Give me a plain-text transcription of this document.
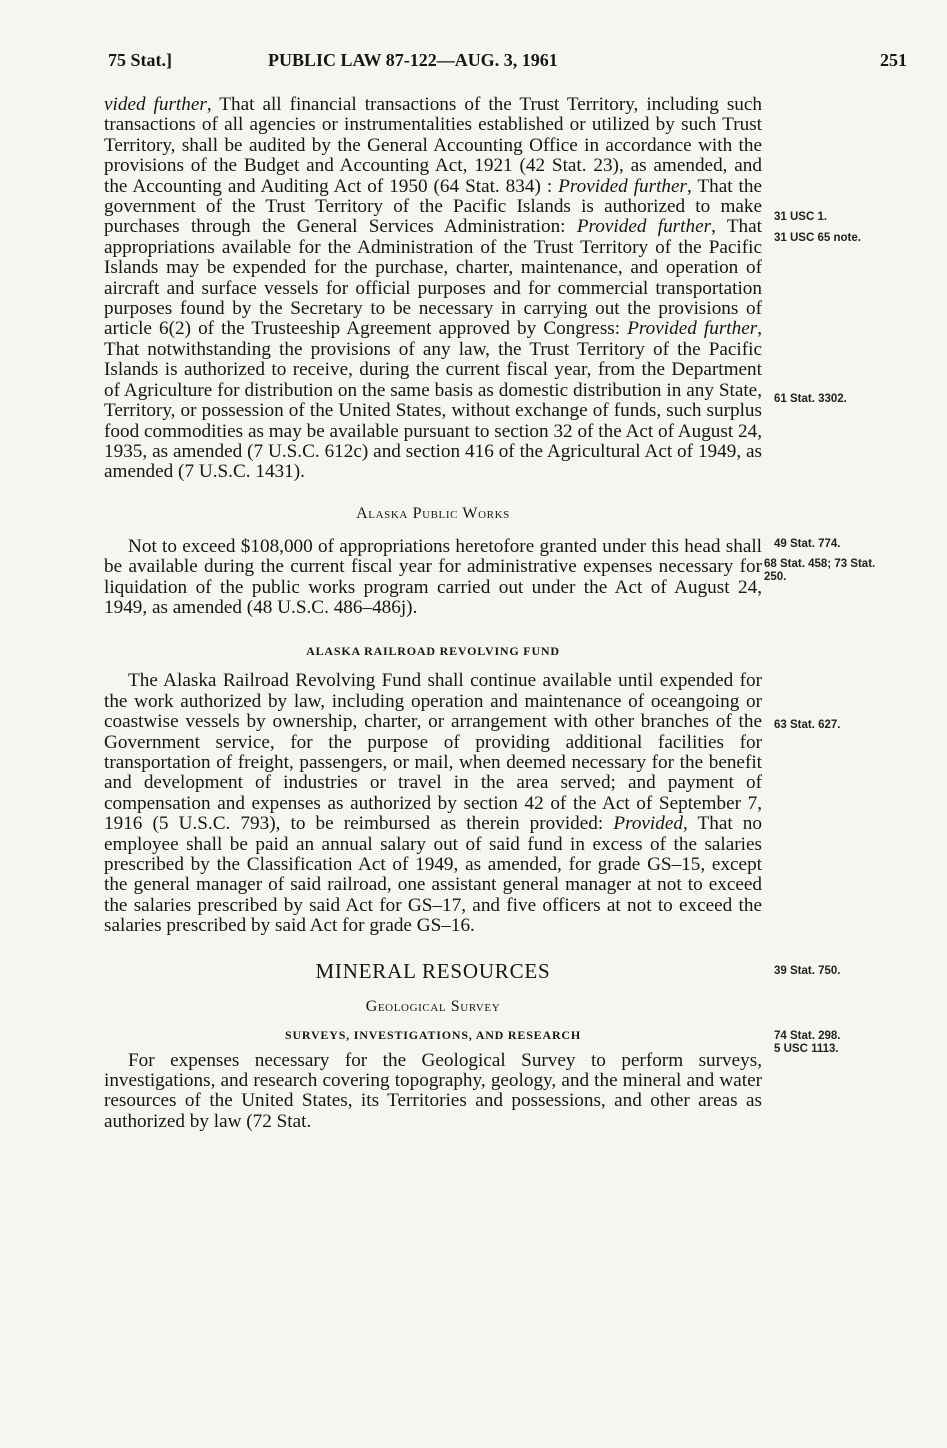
75 Stat.]	PUBLIC LAW 87-122—AUG. 3, 1961	251

vided further, That all financial transactions of the Trust Territory, including such transactions of all agencies or instrumentalities established or utilized by such Trust Territory, shall be audited by the General Accounting Office in accordance with the provisions of the Budget and Accounting Act, 1921 (42 Stat. 23), as amended, and the Accounting and Auditing Act of 1950 (64 Stat. 834) : Provided further, That the government of the Trust Territory of the Pacific Islands is authorized to make purchases through the General Services Administration: Provided further, That appropriations available for the Administration of the Trust Territory of the Pacific Islands may be expended for the purchase, charter, maintenance, and operation of aircraft and surface vessels for official purposes and for commercial transportation purposes found by the Secretary to be necessary in carrying out the provisions of article 6(2) of the Trusteeship Agreement approved by Congress: Provided further, That notwithstanding the provisions of any law, the Trust Territory of the Pacific Islands is authorized to receive, during the current fiscal year, from the Department of Agriculture for distribution on the same basis as domestic distribution in any State, Territory, or possession of the United States, without exchange of funds, such surplus food commodities as may be available pursuant to section 32 of the Act of August 24, 1935, as amended (7 U.S.C. 612c) and section 416 of the Agricultural Act of 1949, as amended (7 U.S.C. 1431).

Alaska Public Works

Not to exceed $108,000 of appropriations heretofore granted under this head shall be available during the current fiscal year for administrative expenses necessary for liquidation of the public works program carried out under the Act of August 24, 1949, as amended (48 U.S.C. 486–486j).

ALASKA RAILROAD REVOLVING FUND

The Alaska Railroad Revolving Fund shall continue available until expended for the work authorized by law, including operation and maintenance of oceangoing or coastwise vessels by ownership, charter, or arrangement with other branches of the Government service, for the purpose of providing additional facilities for transportation of freight, passengers, or mail, when deemed necessary for the benefit and development of industries or travel in the area served; and payment of compensation and expenses as authorized by section 42 of the Act of September 7, 1916 (5 U.S.C. 793), to be reimbursed as therein provided: Provided, That no employee shall be paid an annual salary out of said fund in excess of the salaries prescribed by the Classification Act of 1949, as amended, for grade GS–15, except the general manager of said railroad, one assistant general manager at not to exceed the salaries prescribed by said Act for GS–17, and five officers at not to exceed the salaries prescribed by said Act for grade GS–16.

MINERAL RESOURCES

Geological Survey

SURVEYS, INVESTIGATIONS, AND RESEARCH

For expenses necessary for the Geological Survey to perform surveys, investigations, and research covering topography, geology, and the mineral and water resources of the United States, its Territories and possessions, and other areas as authorized by law (72 Stat.

31 USC 1.
31 USC 65 note.
61 Stat. 3302.
49 Stat. 774.
68 Stat. 458; 73 Stat. 250.
63 Stat. 627.
39 Stat. 750.
74 Stat. 298.
5 USC 1113.
